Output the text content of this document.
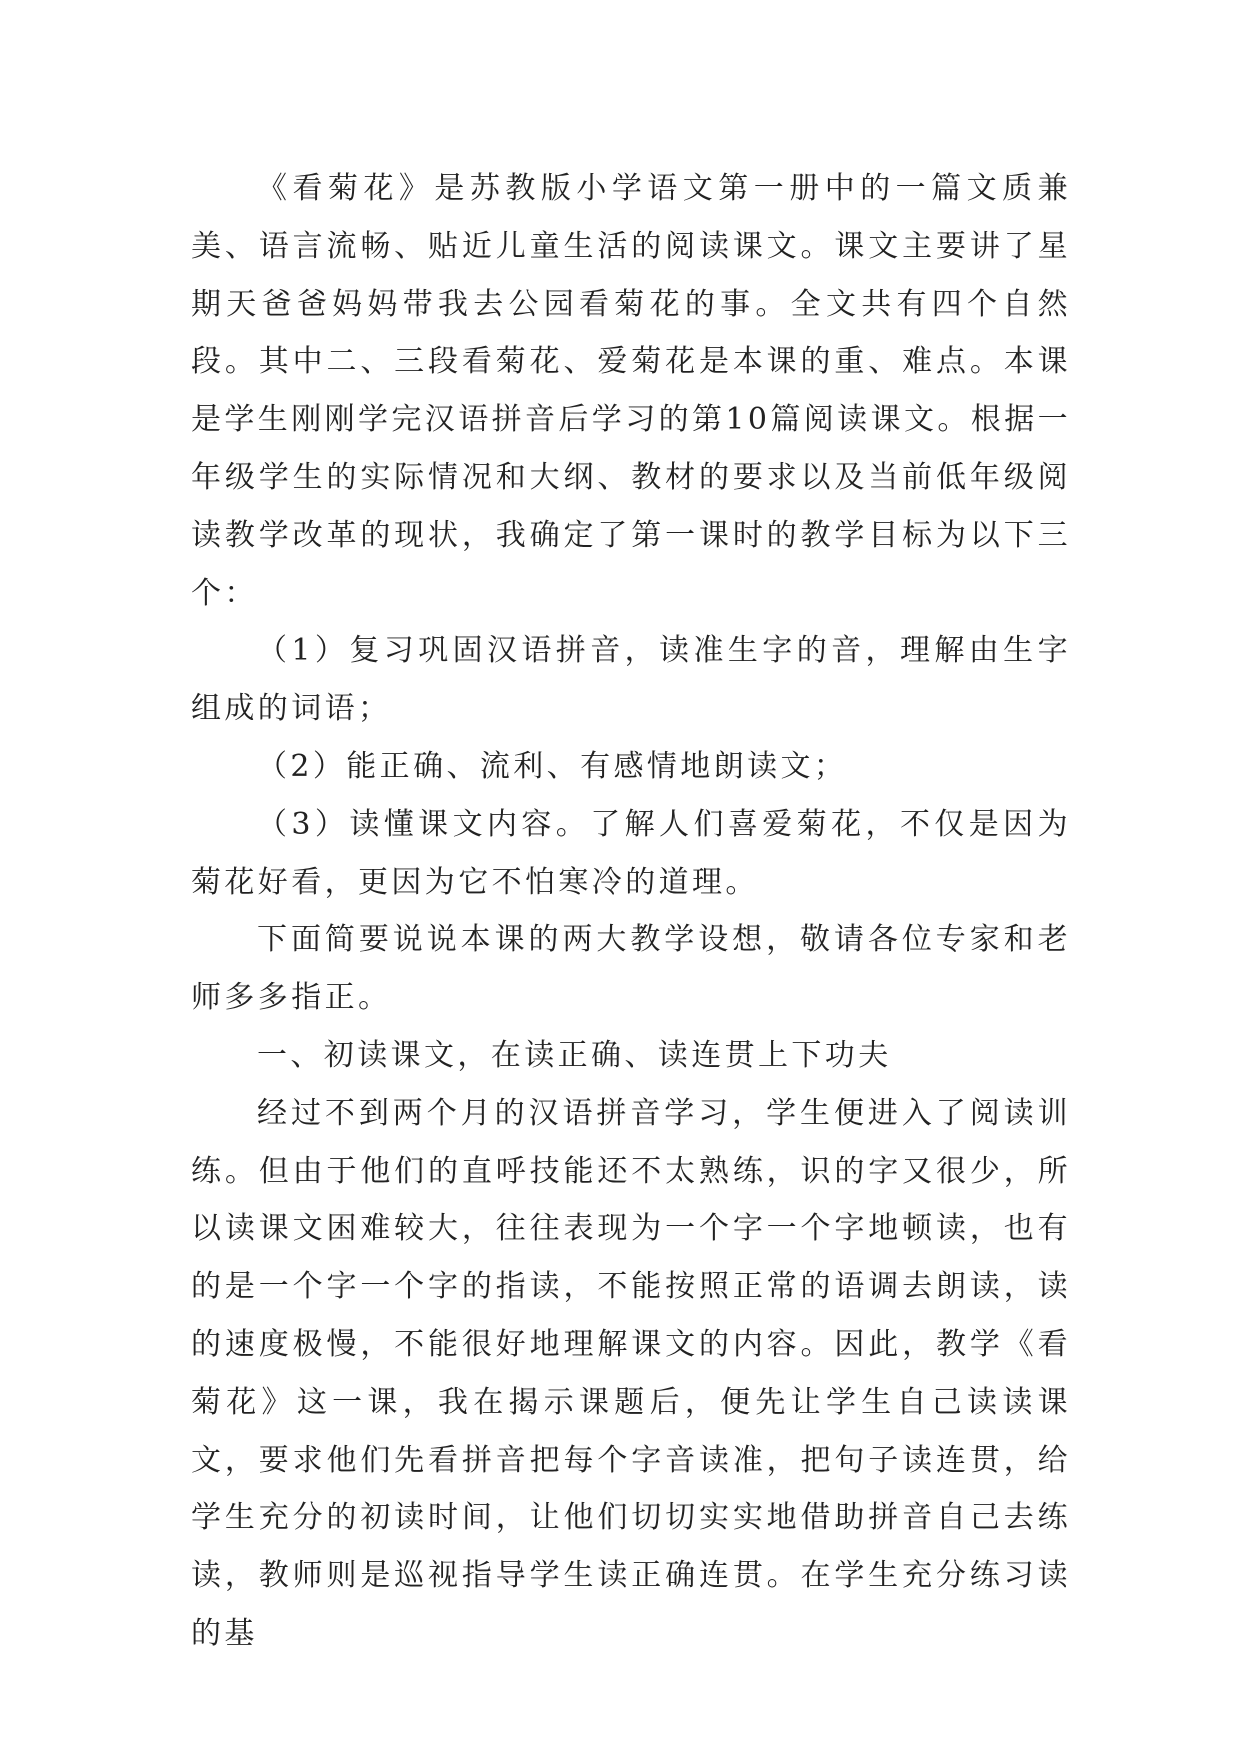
《看菊花》是苏教版小学语文第一册中的一篇文质兼美、语言流畅、贴近儿童生活的阅读课文。课文主要讲了星期天爸爸妈妈带我去公园看菊花的事。全文共有四个自然段。其中二、三段看菊花、爱菊花是本课的重、难点。本课是学生刚刚学完汉语拼音后学习的第10篇阅读课文。根据一年级学生的实际情况和大纲、教材的要求以及当前低年级阅读教学改革的现状，我确定了第一课时的教学目标为以下三个：

（1）复习巩固汉语拼音，读准生字的音，理解由生字组成的词语；

（2）能正确、流利、有感情地朗读文；

（3）读懂课文内容。了解人们喜爱菊花，不仅是因为菊花好看，更因为它不怕寒冷的道理。

下面简要说说本课的两大教学设想，敬请各位专家和老师多多指正。

一、初读课文，在读正确、读连贯上下功夫

经过不到两个月的汉语拼音学习，学生便进入了阅读训练。但由于他们的直呼技能还不太熟练，识的字又很少，所以读课文困难较大，往往表现为一个字一个字地顿读，也有的是一个字一个字的指读，不能按照正常的语调去朗读，读的速度极慢，不能很好地理解课文的内容。因此，教学《看菊花》这一课，我在揭示课题后，便先让学生自己读读课文，要求他们先看拼音把每个字音读准，把句子读连贯，给学生充分的初读时间，让他们切切实实地借助拼音自己去练读，教师则是巡视指导学生读正确连贯。在学生充分练习读的基
